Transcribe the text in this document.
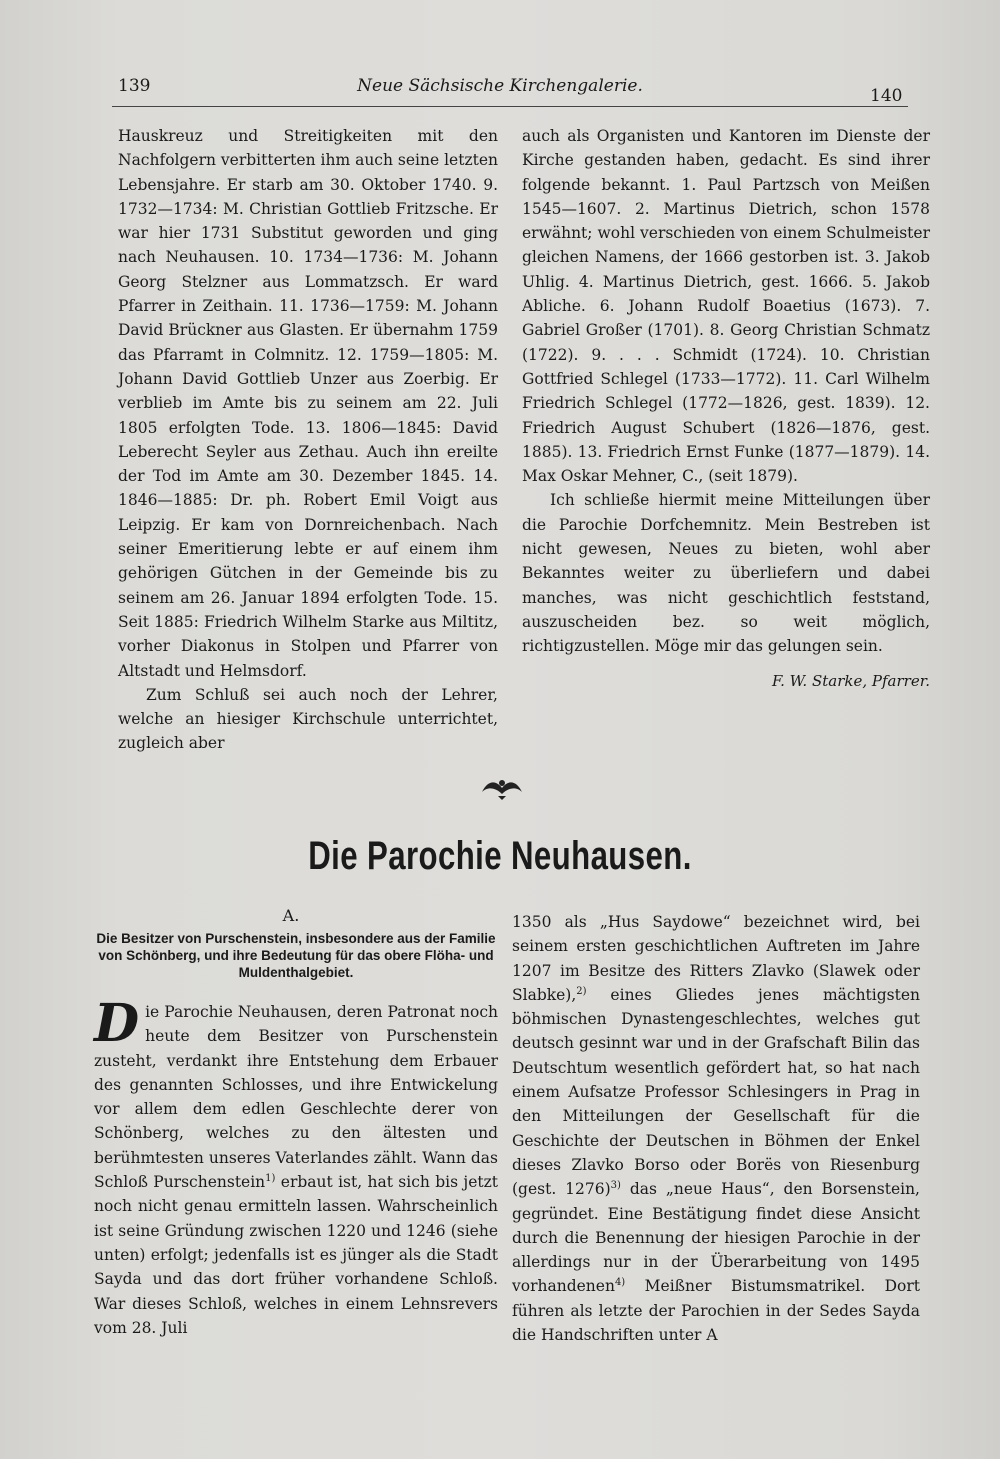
139	Neue Sächsische Kirchengalerie.	140

Hauskreuz und Streitigkeiten mit den Nachfolgern verbitterten ihm auch seine letzten Lebensjahre. Er starb am 30. Oktober 1740. 9. 1732—1734: M. Christian Gottlieb Fritzsche. Er war hier 1731 Substitut geworden und ging nach Neuhausen. 10. 1734—1736: M. Johann Georg Stelzner aus Lommatzsch. Er ward Pfarrer in Zeithain. 11. 1736—1759: M. Johann David Brückner aus Glasten. Er übernahm 1759 das Pfarramt in Colmnitz. 12. 1759—1805: M. Johann David Gottlieb Unzer aus Zoerbig. Er verblieb im Amte bis zu seinem am 22. Juli 1805 erfolgten Tode. 13. 1806—1845: David Leberecht Seyler aus Zethau. Auch ihn ereilte der Tod im Amte am 30. Dezember 1845. 14. 1846—1885: Dr. ph. Robert Emil Voigt aus Leipzig. Er kam von Dornreichenbach. Nach seiner Emeritierung lebte er auf einem ihm gehörigen Gütchen in der Gemeinde bis zu seinem am 26. Januar 1894 erfolgten Tode. 15. Seit 1885: Friedrich Wilhelm Starke aus Miltitz, vorher Diakonus in Stolpen und Pfarrer von Altstadt und Helmsdorf.

Zum Schluß sei auch noch der Lehrer, welche an hiesiger Kirchschule unterrichtet, zugleich aber

auch als Organisten und Kantoren im Dienste der Kirche gestanden haben, gedacht. Es sind ihrer folgende bekannt. 1. Paul Partzsch von Meißen 1545—1607. 2. Martinus Dietrich, schon 1578 erwähnt; wohl verschieden von einem Schulmeister gleichen Namens, der 1666 gestorben ist. 3. Jakob Uhlig. 4. Martinus Dietrich, gest. 1666. 5. Jakob Abliche. 6. Johann Rudolf Boaetius (1673). 7. Gabriel Großer (1701). 8. Georg Christian Schmatz (1722). 9. . . . Schmidt (1724). 10. Christian Gottfried Schlegel (1733—1772). 11. Carl Wilhelm Friedrich Schlegel (1772—1826, gest. 1839). 12. Friedrich August Schubert (1826—1876, gest. 1885). 13. Friedrich Ernst Funke (1877—1879). 14. Max Oskar Mehner, C., (seit 1879).

Ich schließe hiermit meine Mitteilungen über die Parochie Dorfchemnitz. Mein Bestreben ist nicht gewesen, Neues zu bieten, wohl aber Bekanntes weiter zu überliefern und dabei manches, was nicht geschichtlich feststand, auszuscheiden bez. so weit möglich, richtigzustellen. Möge mir das gelungen sein.

F. W. Starke, Pfarrer.
Die Parochie Neuhausen.
A.
Die Besitzer von Purschenstein, insbesondere aus der Familie von Schönberg, und ihre Bedeutung für das obere Flöha- und Muldenthalgebiet.

Die Parochie Neuhausen, deren Patronat noch heute dem Besitzer von Purschenstein zusteht, verdankt ihre Entstehung dem Erbauer des genannten Schlosses, und ihre Entwickelung vor allem dem edlen Geschlechte derer von Schönberg, welches zu den ältesten und berühmtesten unseres Vaterlandes zählt. Wann das Schloß Purschenstein$^{1)}$ erbaut ist, hat sich bis jetzt noch nicht genau ermitteln lassen. Wahrscheinlich ist seine Gründung zwischen 1220 und 1246 (siehe unten) erfolgt; jedenfalls ist es jünger als die Stadt Sayda und das dort früher vorhandene Schloß. War dieses Schloß, welches in einem Lehnsrevers vom 28. Juli

1350 als „Hus Saydowe“ bezeichnet wird, bei seinem ersten geschichtlichen Auftreten im Jahre 1207 im Besitze des Ritters Zlavko (Slawek oder Slabke),$^{2)}$ eines Gliedes jenes mächtigsten böhmischen Dynastengeschlechtes, welches gut deutsch gesinnt war und in der Grafschaft Bilin das Deutschtum wesentlich gefördert hat, so hat nach einem Aufsatze Professor Schlesingers in Prag in den Mitteilungen der Gesellschaft für die Geschichte der Deutschen in Böhmen der Enkel dieses Zlavko Borso oder Borës von Riesenburg (gest. 1276)$^{3)}$ das „neue Haus“, den Borsenstein, gegründet. Eine Bestätigung findet diese Ansicht durch die Benennung der hiesigen Parochie in der allerdings nur in der Überarbeitung von 1495 vorhandenen$^{4)}$ Meißner Bistumsmatrikel. Dort führen als letzte der Parochien in der Sedes Sayda die Handschriften unter A
